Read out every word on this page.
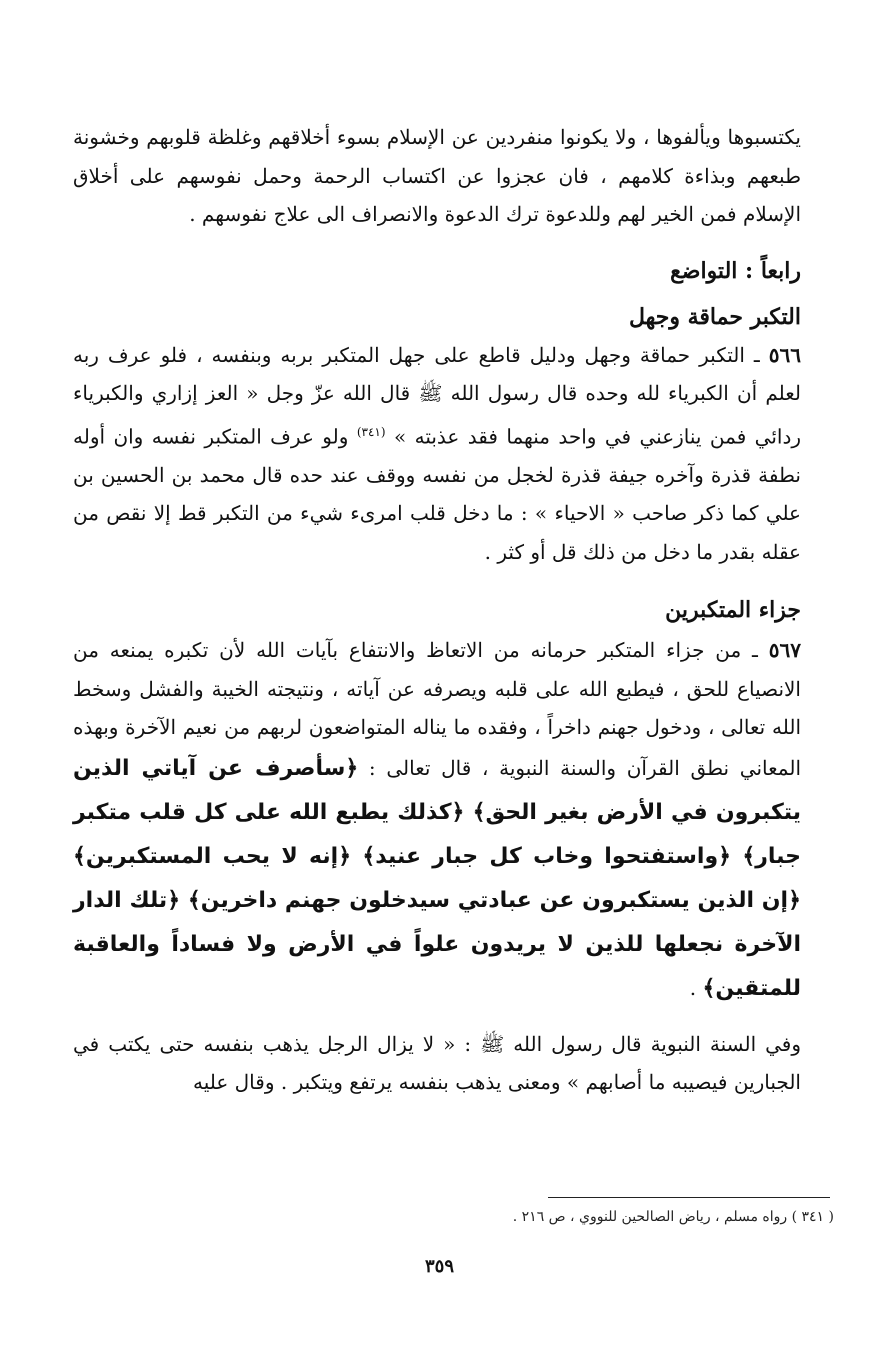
يكتسبوها ويألفوها ، ولا يكونوا منفردين عن الإسلام بسوء أخلاقهم وغلظة قلوبهم وخشونة طبعهم وبذاءة كلامهم ، فان عجزوا عن اكتساب الرحمة وحمل نفوسهم على أخلاق الإسلام فمن الخير لهم وللدعوة ترك الدعوة والانصراف الى علاج نفوسهم .

رابعاً : التواضع

التكبر حماقة وجهل

٥٦٦ ـ التكبر حماقة وجهل ودليل قاطع على جهل المتكبر بربه وبنفسه ، فلو عرف ربه لعلم أن الكبرياء لله وحده قال رسول الله ﷺ قال الله عزّ وجل « العز إزاري والكبرياء ردائي فمن ينازعني في واحد منهما فقد عذبته » $^{(٣٤١)}$ ولو عرف المتكبر نفسه وان أوله نطفة قذرة وآخره جيفة قذرة لخجل من نفسه ووقف عند حده قال محمد بن الحسين بن علي كما ذكر صاحب « الاحياء » : ما دخل قلب امرىء شيء من التكبر قط إلا نقص من عقله بقدر ما دخل من ذلك قل أو كثر .

جزاء المتكبرين

٥٦٧ ـ من جزاء المتكبر حرمانه من الاتعاظ والانتفاع بآيات الله لأن تكبره يمنعه من الانصياع للحق ، فيطبع الله على قلبه ويصرفه عن آياته ، ونتيجته الخيبة والفشل وسخط الله تعالى ، ودخول جهنم داخراً ، وفقده ما يناله المتواضعون لربهم من نعيم الآخرة وبهذه المعاني نطق القرآن والسنة النبوية ، قال تعالى : ﴿سأصرف عن آياتي الذين يتكبرون في الأرض بغير الحق﴾ ﴿كذلك يطبع الله على كل قلب متكبر جبار﴾ ﴿واستفتحوا وخاب كل جبار عنيد﴾ ﴿إنه لا يحب المستكبرين﴾ ﴿إن الذين يستكبرون عن عبادتي سيدخلون جهنم داخرين﴾ ﴿تلك الدار الآخرة نجعلها للذين لا يريدون علواً في الأرض ولا فساداً والعاقبة للمتقين﴾ .

وفي السنة النبوية قال رسول الله ﷺ : « لا يزال الرجل يذهب بنفسه حتى يكتب في الجبارين فيصيبه ما أصابهم » ومعنى يذهب بنفسه يرتفع ويتكبر . وقال عليه

( ٣٤١ ) رواه مسلم ، رياض الصالحين للنووي ، ص ٢١٦ .
٣٥٩
